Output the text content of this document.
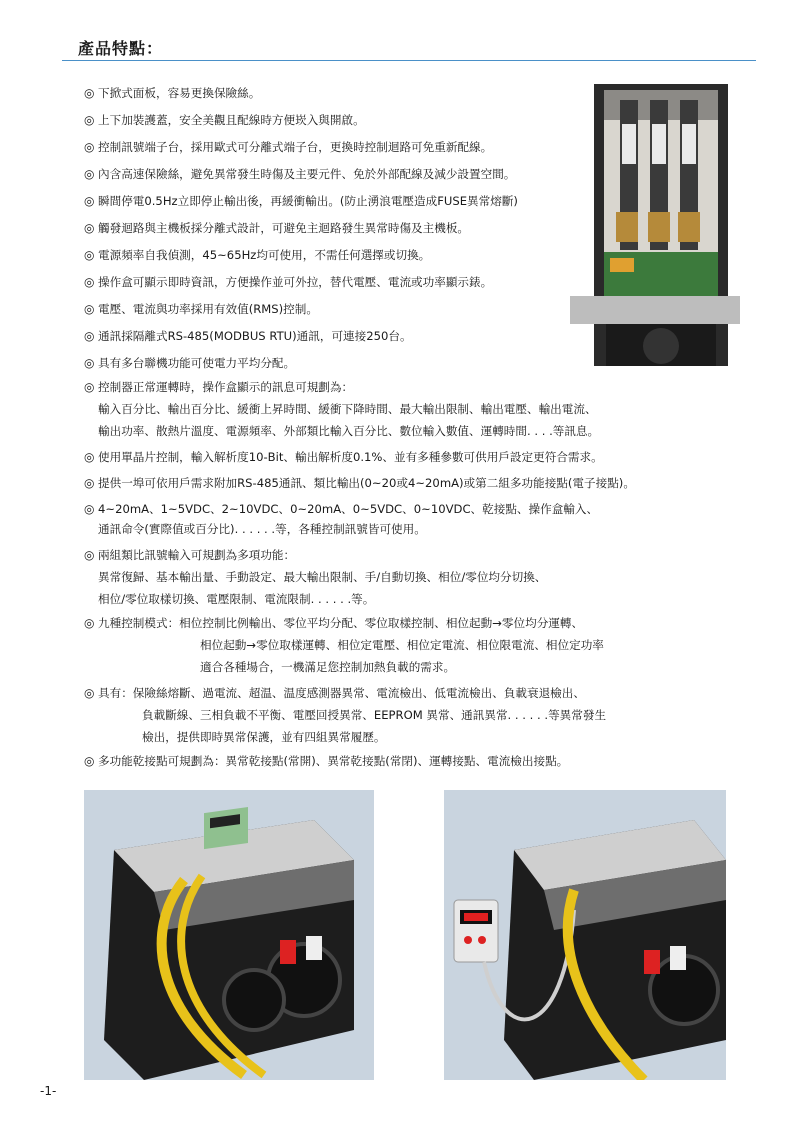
產品特點：
◎ 下掀式面板，容易更換保險絲。
◎ 上下加裝護蓋，安全美觀且配線時方便崁入與開啟。
◎ 控制訊號端子台，採用歐式可分離式端子台，更換時控制迴路可免重新配線。
◎ 內含高速保險絲，避免異常發生時傷及主要元件、免於外部配線及減少設置空間。
◎ 瞬間停電0.5Hz立即停止輸出後，再緩衝輸出。(防止湧浪電壓造成FUSE異常熔斷)
◎ 觸發迴路與主機板採分離式設計，可避免主迴路發生異常時傷及主機板。
◎ 電源頻率自我偵測，45~65Hz均可使用，不需任何選擇或切換。
◎ 操作盒可顯示即時資訊，方便操作並可外拉，替代電壓、電流或功率顯示錶。
◎ 電壓、電流與功率採用有效值(RMS)控制。
◎ 通訊採隔離式RS-485(MODBUS RTU)通訊，可連接250台。
◎ 具有多台聯機功能可使電力平均分配。
◎ 控制器正常運轉時，操作盒顯示的訊息可規劃為：
輸入百分比、輸出百分比、緩衝上昇時間、緩衝下降時間、最大輸出限制、輸出電壓、輸出電流、
輸出功率、散熱片溫度、電源頻率、外部類比輸入百分比、數位輸入數值、運轉時間. . . .等訊息。
◎ 使用單晶片控制，輸入解析度10-Bit、輸出解析度0.1%、並有多種參數可供用戶設定更符合需求。
◎ 提供一埠可依用戶需求附加RS-485通訊、類比輸出(0~20或4~20mA)或第二組多功能接點(電子接點)。
◎ 4~20mA、1~5VDC、2~10VDC、0~20mA、0~5VDC、0~10VDC、乾接點、操作盒輸入、
通訊命令(實際值或百分比). . . . . .等，各種控制訊號皆可使用。
◎ 兩組類比訊號輸入可規劃為多項功能：
異常復歸、基本輸出量、手動設定、最大輸出限制、手/自動切換、相位/零位均分切換、
相位/零位取樣切換、電壓限制、電流限制. . . . . .等。
◎ 九種控制模式：相位控制比例輸出、零位平均分配、零位取樣控制、相位起動→零位均分運轉、
相位起動→零位取樣運轉、相位定電壓、相位定電流、相位限電流、相位定功率
適合各種場合，一機滿足您控制加熱負載的需求。
◎ 具有：保險絲熔斷、過電流、超温、温度感測器異常、電流檢出、低電流檢出、負載衰退檢出、
負載斷線、三相負載不平衡、電壓回授異常、EEPROM 異常、通訊異常. . . . . .等異常發生
檢出，提供即時異常保護，並有四組異常履歷。
◎ 多功能乾接點可規劃為：異常乾接點(常開)、異常乾接點(常閉)、運轉接點、電流檢出接點。
-1-
